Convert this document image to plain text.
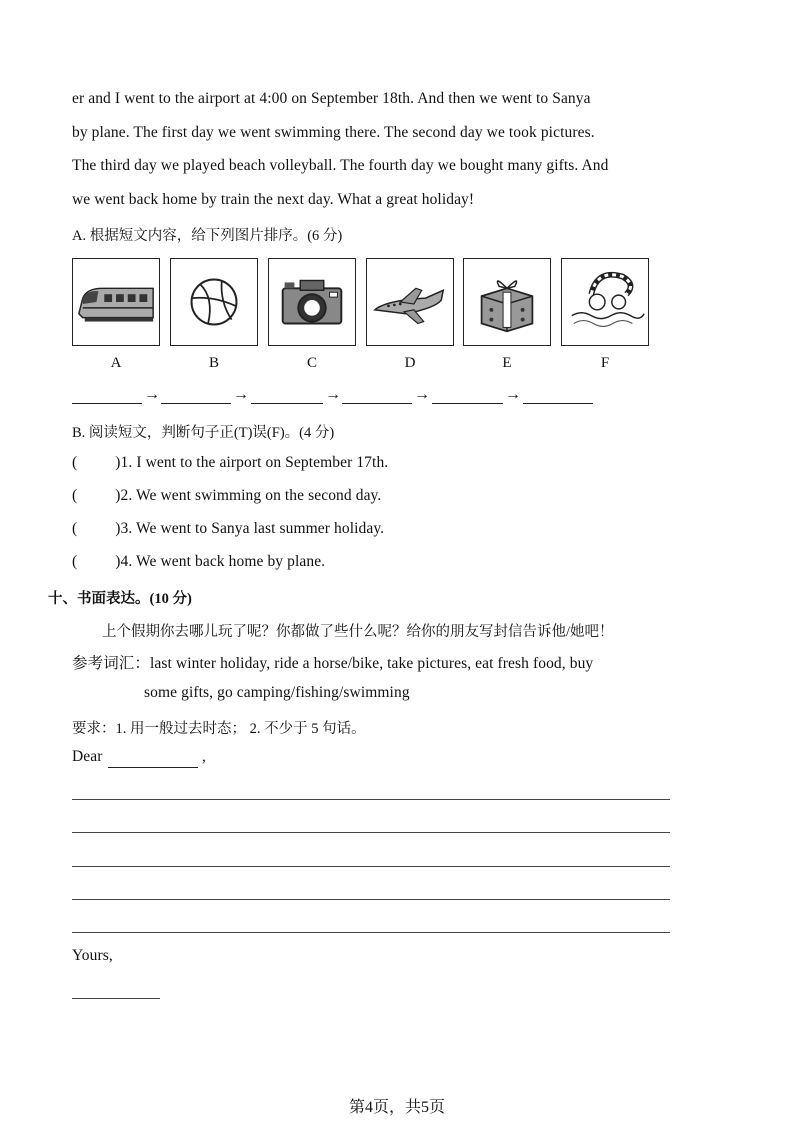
er and I went to the airport at 4:00 on September 18th. And then we went to Sanya
by plane. The first day we went swimming there. The second day we took pictures.
The third day we played beach volleyball. The fourth day we bought many gifts. And
we went back home by train the next day. What a great holiday!
A. 根据短文内容，给下列图片排序。(6 分)
A	B	C	D	E	F
→	→	→	→	→
B. 阅读短文，判断句子正(T)误(F)。(4 分)
( )1. I went to the airport on September 17th.
( )2. We went swimming on the second day.
( )3. We went to Sanya last summer holiday.
( )4. We went back home by plane.
十、书面表达。(10 分)
上个假期你去哪儿玩了呢？你都做了些什么呢？给你的朋友写封信告诉他/她吧！
参考词汇：last winter holiday, ride a horse/bike, take pictures, eat fresh food, buy
some gifts, go camping/fishing/swimming
要求：1. 用一般过去时态； 2. 不少于 5 句话。
Dear	,
Yours,
第4页，共5页
